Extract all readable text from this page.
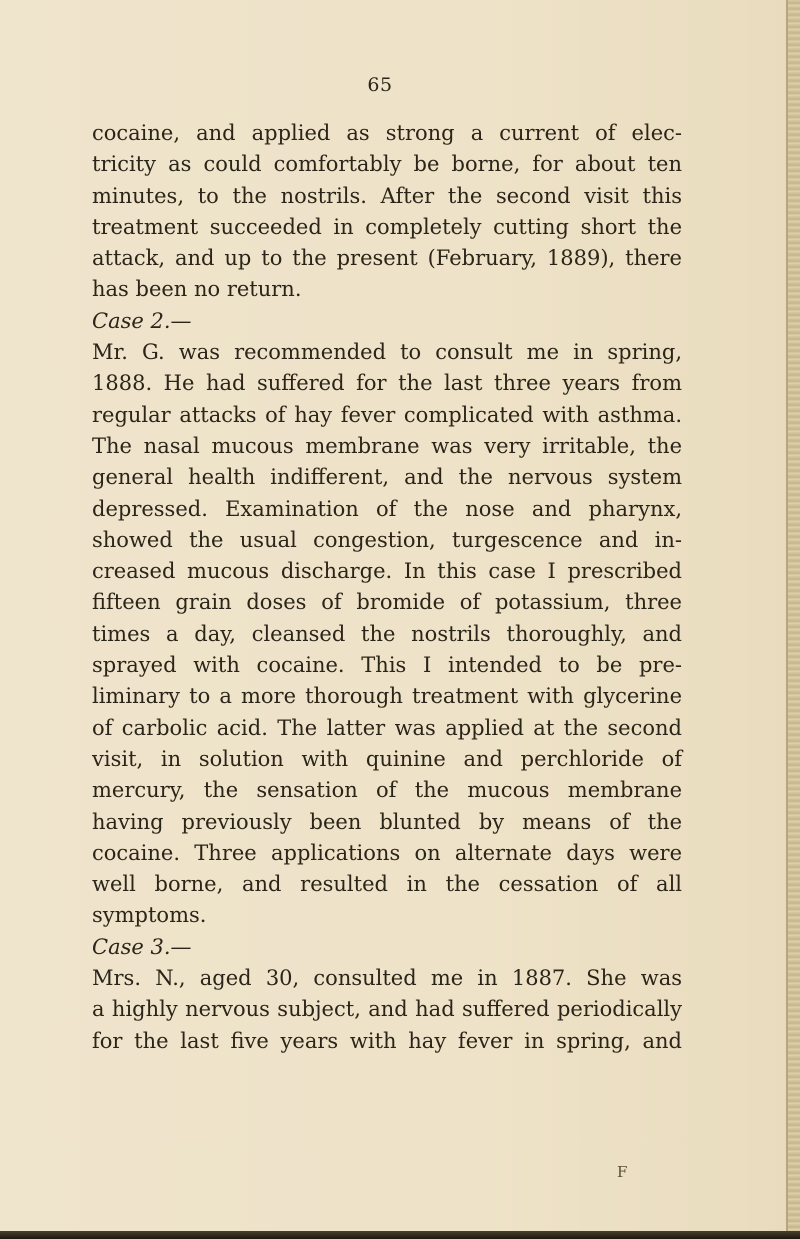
65
cocaine, and applied as strong a current of elec-
tricity as could comfortably be borne, for about ten
minutes, to the nostrils. After the second visit this
treatment succeeded in completely cutting short the
attack, and up to the present (February, 1889), there
has been no return.
Case 2.—
Mr. G. was recommended to consult me in spring,
1888. He had suffered for the last three years from
regular attacks of hay fever complicated with asthma.
The nasal mucous membrane was very irritable, the
general health indifferent, and the nervous system
depressed. Examination of the nose and pharynx,
showed the usual congestion, turgescence and in-
creased mucous discharge. In this case I prescribed
fifteen grain doses of bromide of potassium, three
times a day, cleansed the nostrils thoroughly, and
sprayed with cocaine. This I intended to be pre-
liminary to a more thorough treatment with glycerine
of carbolic acid. The latter was applied at the second
visit, in solution with quinine and perchloride of
mercury, the sensation of the mucous membrane
having previously been blunted by means of the
cocaine. Three applications on alternate days were
well borne, and resulted in the cessation of all
symptoms.
Case 3.—
Mrs. N., aged 30, consulted me in 1887. She was
a highly nervous subject, and had suffered periodically
for the last five years with hay fever in spring, and
F
